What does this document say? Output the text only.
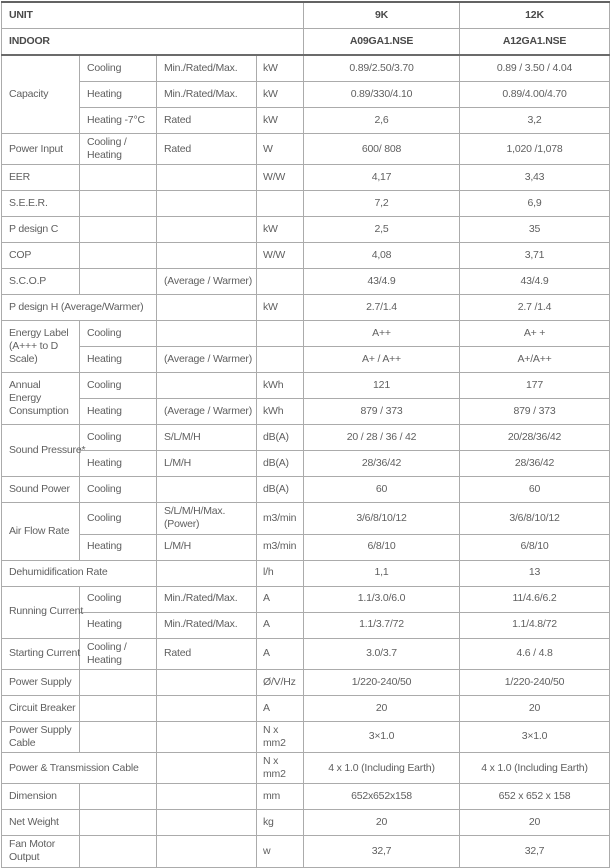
UNIT				9K	12K
INDOOR				A09GA1.NSE	A12GA1.NSE
Capacity	Cooling	Min./Rated/Max.	kW	0.89/2.50/3.70	0.89 / 3.50 / 4.04
	Heating	Min./Rated/Max.	kW	0.89/330/4.10	0.89/4.00/4.70
	Heating -7°C	Rated	kW	2,6	3,2
Power Input	Cooling / Heating	Rated	W	600/ 808	1,020 /1,078
EER			W/W	4,17	3,43
S.E.E.R.				7,2	6,9
P design C			kW	2,5	35
COP			W/W	4,08	3,71
S.C.O.P		(Average / Warmer)		43/4.9	43/4.9
P design H (Average/Warmer)			kW	2.7/1.4	2.7 /1.4
Energy Label (A+++ to D Scale)	Cooling			A++	A+ +
	Heating	(Average / Warmer)		A+ / A++	A+/A++
Annual Energy Consumption	Cooling		kWh	121	177
	Heating	(Average / Warmer)	kWh	879 / 373	879 / 373
Sound Pressure*	Cooling	S/L/M/H	dB(A)	20 / 28 / 36 / 42	20/28/36/42
	Heating	L/M/H	dB(A)	28/36/42	28/36/42
Sound Power	Cooling		dB(A)	60	60
Air Flow Rate	Cooling	S/L/M/H/Max. (Power)	m3/min	3/6/8/10/12	3/6/8/10/12
	Heating	L/M/H	m3/min	6/8/10	6/8/10
Dehumidification Rate			l/h	1,1	13
Running Current	Cooling	Min./Rated/Max.	A	1.1/3.0/6.0	11/4.6/6.2
	Heating	Min./Rated/Max.	A	1.1/3.7/72	1.1/4.8/72
Starting Current	Cooling / Heating	Rated	A	3.0/3.7	4.6 / 4.8
Power Supply			Ø/V/Hz	1/220-240/50	1/220-240/50
Circuit Breaker			A	20	20
Power Supply Cable			N x mm2	3×1.0	3×1.0
Power & Transmission Cable			N x mm2	4 x 1.0 (Including Earth)	4 x 1.0 (Including Earth)
Dimension			mm	652x652x158	652 x 652 x 158
Net Weight			kg	20	20
Fan Motor Output			w	32,7	32,7
